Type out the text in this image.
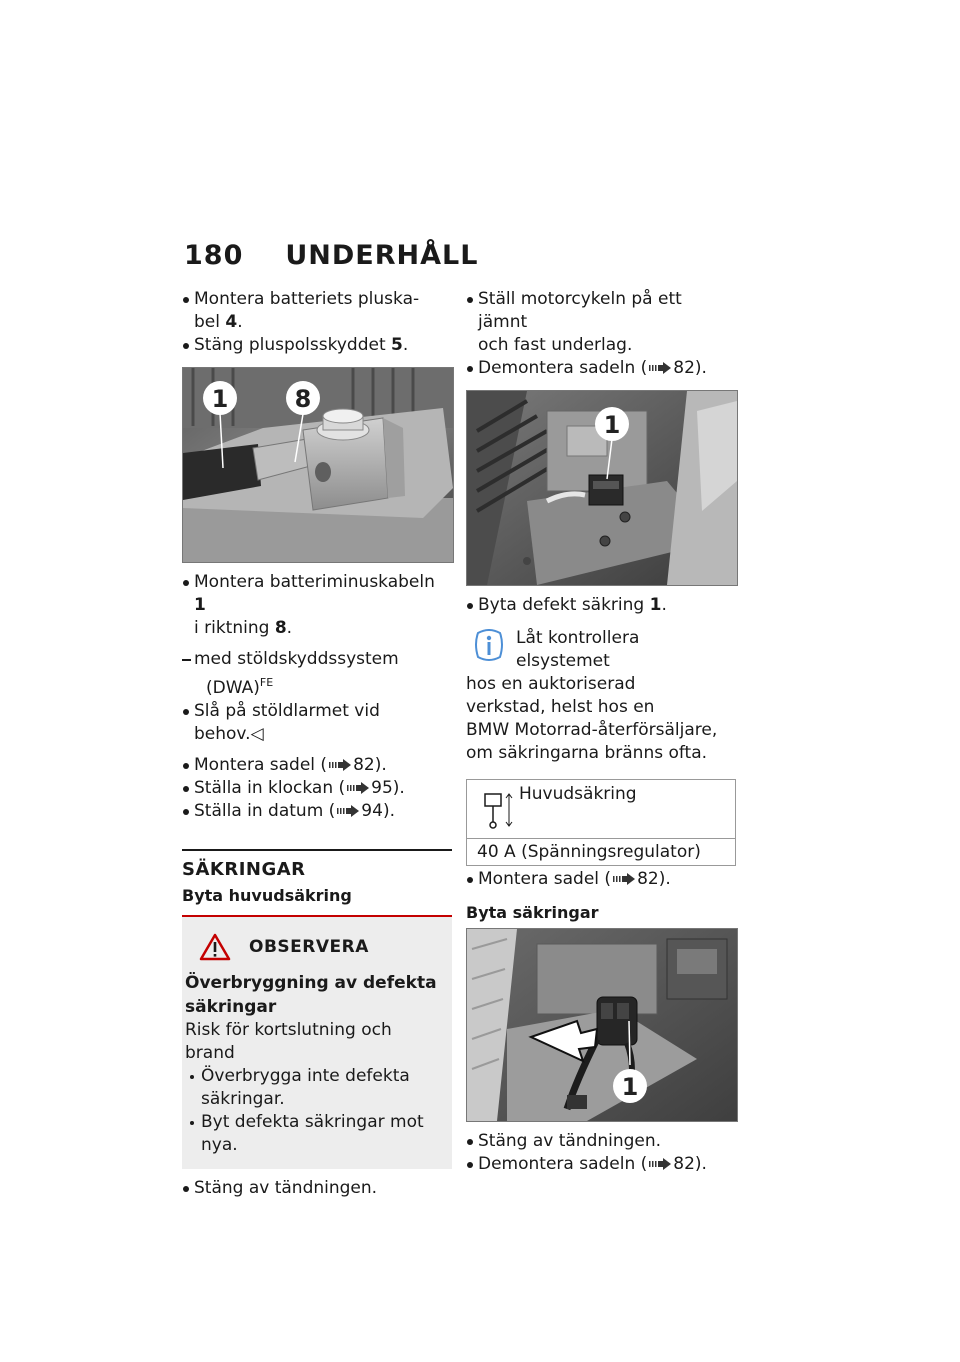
180 UNDERHÅLL

Montera batteriets pluska-
bel 4.

Stäng pluspolsskyddet 5.

1	8

Montera batteriminuskabeln 1
i riktning 8.

med stöldskyddssystem
(DWA)$^{FE}$

Slå på stöldlarmet vid behov.◁

Montera sadel ( 82).

Ställa in klockan ( 95).

Ställa in datum ( 94).

SÄKRINGAR

Byta huvudsäkring

OBSERVERA

Överbryggning av defekta säkringar

Risk för kortslutning och brand

Överbrygga inte defekta säkringar.

Byt defekta säkringar mot nya.

Stäng av tändningen.

Ställ motorcykeln på ett jämnt
och fast underlag.

Demontera sadeln ( 82).

1

Byta defekt säkring 1.

Låt kontrollera elsystemet
hos en auktoriserad
verkstad, helst hos en
BMW Motorrad-återförsäljare,
om säkringarna bränns ofta.
Huvudsäkring

40 A (Spänningsregulator)

Montera sadel ( 82).

Byta säkringar

1

Stäng av tändningen.

Demontera sadeln ( 82).
